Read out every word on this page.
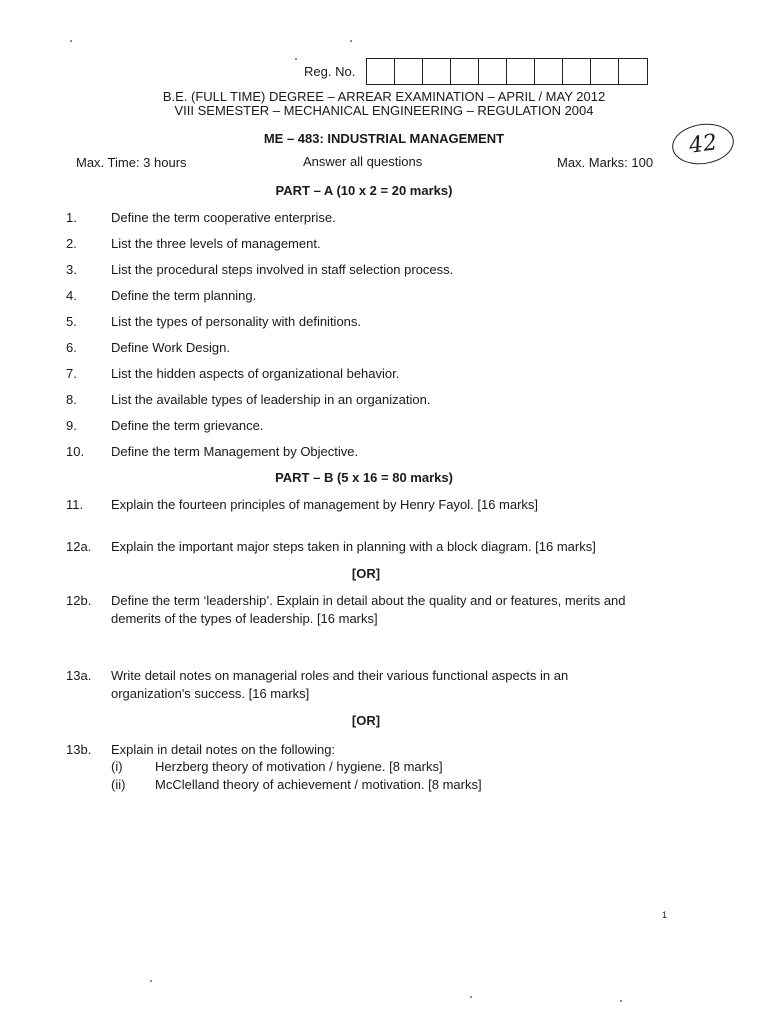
Reg. No.
42
B.E. (FULL TIME) DEGREE – ARREAR EXAMINATION – APRIL / MAY 2012
VIII SEMESTER – MECHANICAL ENGINEERING – REGULATION 2004
ME – 483: INDUSTRIAL MANAGEMENT
Max. Time: 3 hours	Answer all questions	Max. Marks: 100
PART – A (10 x 2 = 20 marks)
1.	Define the term cooperative enterprise.
2.	List the three levels of management.
3.	List the procedural steps involved in staff selection process.
4.	Define the term planning.
5.	List the types of personality with definitions.
6.	Define Work Design.
7.	List the hidden aspects of organizational behavior.
8.	List the available types of leadership in an organization.
9.	Define the term grievance.
10. Define the term Management by Objective.
PART – B (5 x 16 = 80 marks)
11. Explain the fourteen principles of management by Henry Fayol. [16 marks]
12a. Explain the important major steps taken in planning with a block diagram. [16 marks]
[OR]
12b. Define the term ‘leadership’. Explain in detail about the quality and or features, merits and demerits of the types of leadership. [16 marks]
13a. Write detail notes on managerial roles and their various functional aspects in an organization's success. [16 marks]
[OR]
13b. Explain in detail notes on the following:
(i) Herzberg theory of motivation / hygiene. [8 marks]
(ii) McClelland theory of achievement / motivation. [8 marks]
1
